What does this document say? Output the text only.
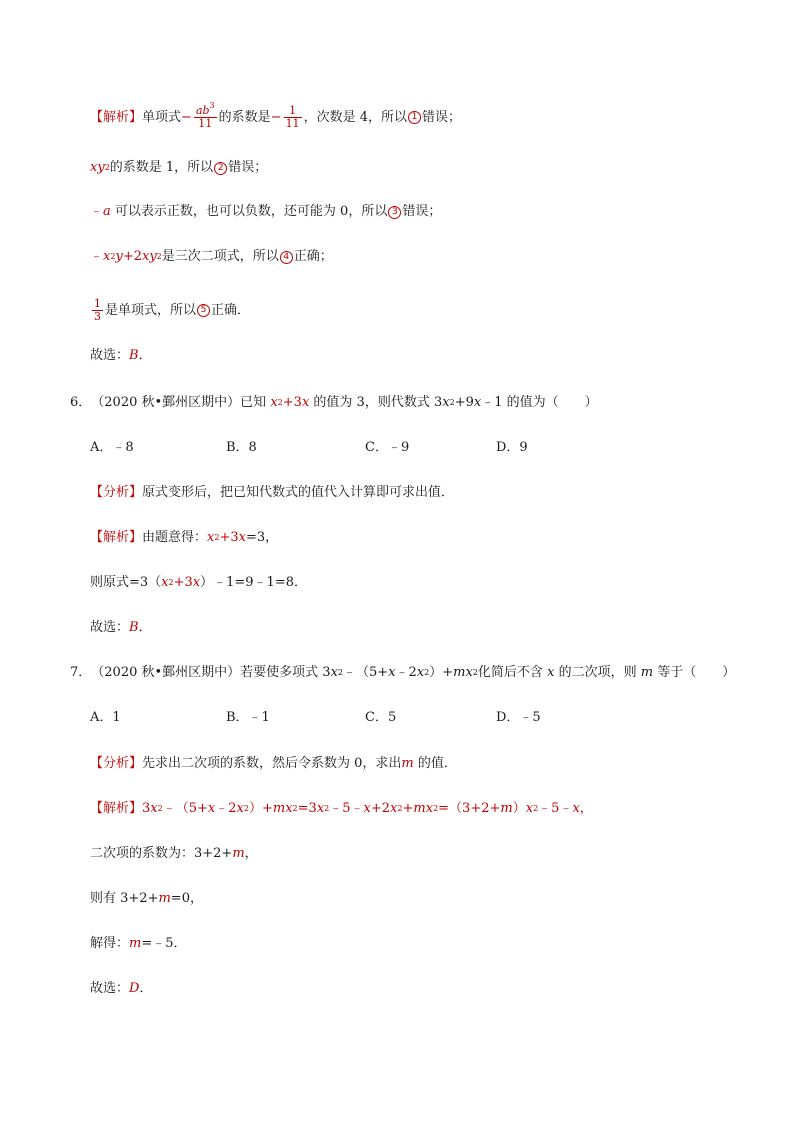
【解析】 单项式 − $\frac{ab^3}{11}$ 的系数是 − $\frac{1}{11}$ ，次数是 4，所以 1 错误；
xy 2 的系数是 1，所以 2 错误；
﹣ a
可以表示正数，也可以负数，还可能为 0，所以 3 错误；
﹣ x 2 y +2 xy 2 是三次二项式，所以 4 正确；
$\frac{1}{3}$ 是单项式，所以 5 正确．
故选： B ．
6． （2020 秋•鄞州区期中） 已知
x 2 +3 x
的值为 3，则代数式
3 x 2 +9 x ﹣1
的值为（　　）
A．﹣8	B．8	C．﹣9	D．9
【分析】 原式变形后，把已知代数式的值代入计算即可求出值．
【解析】 由题意得： x 2 +3 x =3，
则原式=3（ x 2 +3 x ）﹣1=9﹣1=8．
故选： B ．
7． （2020 秋•鄞州区期中） 若要使多项式 3 x 2 ﹣（5+ x ﹣2 x 2 ）+ mx 2 化简后不含
x
的二次项，则
m
等于（　　）
A．1	B．﹣1	C．5	D．﹣5
【分析】 先求出二次项的系数，然后令系数为 0，求出 m
的值．
【解析】 3 x 2 ﹣（5+ x ﹣2 x 2 ）+ mx 2 =3 x 2 ﹣5﹣ x +2 x 2 + mx 2 =（3+2+ m ） x 2 ﹣5﹣ x ，
二次项的系数为：3+2+ m ，
则有 3+2+ m =0，
解得： m =﹣5．
故选： D ．
